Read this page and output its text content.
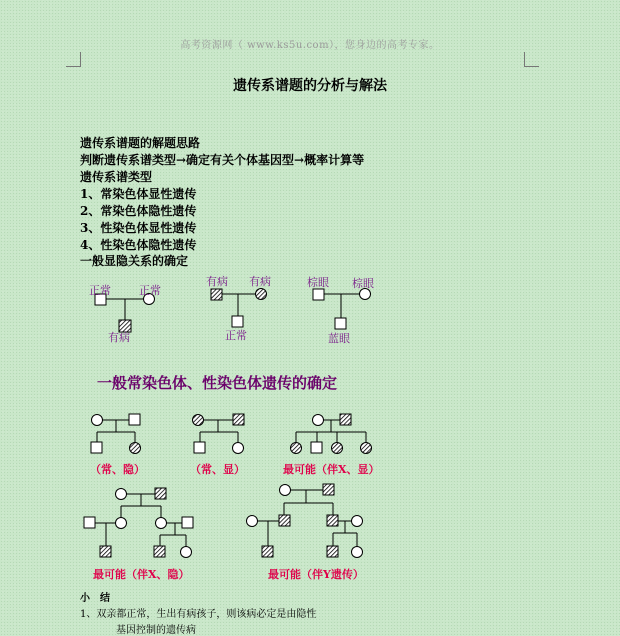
高考资源网（ www.ks5u.com），您身边的高考专家。
遗传系谱题的分析与解法
遗传系谱题的解题思路
判断遗传系谱类型→确定有关个体基因型→概率计算等
遗传系谱类型
1、常染色体显性遗传
2、常染色体隐性遗传
3、性染色体显性遗传
4、性染色体隐性遗传
一般显隐关系的确定
一般常染色体、性染色体遗传的确定
（常、隐）	（常、显）	最可能（伴X、显）
最可能（伴X、隐）	最可能（伴Y遗传）
小　结
1、双亲都正常，生出有病孩子，则该病必定是由隐性
基因控制的遗传病
正常	正常
有病
有病 有病
正常
棕眼 棕眼
蓝眼
